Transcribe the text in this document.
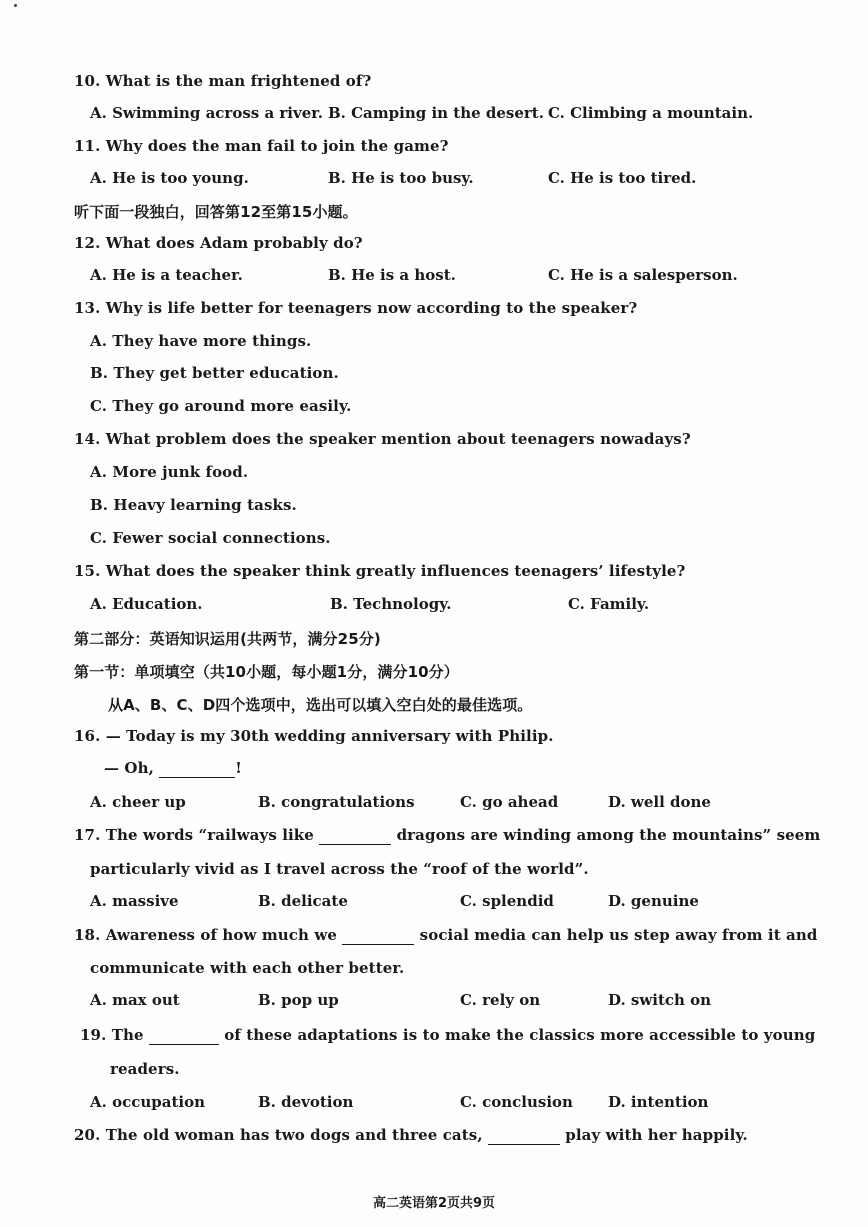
10. What is the man frightened of?
A. Swimming across a river. B. Camping in the desert. C. Climbing a mountain.
11. Why does the man fail to join the game?
A. He is too young.	B. He is too busy.	C. He is too tired.
听下面一段独白，回答第12至第15小题。
12. What does Adam probably do?
A. He is a teacher.	B. He is a host.	C. He is a salesperson.
13. Why is life better for teenagers now according to the speaker?
A. They have more things.
B. They get better education.
C. They go around more easily.
14. What problem does the speaker mention about teenagers nowadays?
A. More junk food.
B. Heavy learning tasks.
C. Fewer social connections.
15. What does the speaker think greatly influences teenagers’ lifestyle?
A. Education.	B. Technology.	C. Family.
第二部分：英语知识运用(共两节，满分25分)
第一节：单项填空（共10小题，每小题1分，满分10分）
从A、B、C、D四个选项中，选出可以填入空白处的最佳选项。
16. — Today is my 30th wedding anniversary with Philip.
— Oh,	!
A. cheer up	B. congratulations	C. go ahead	D. well done
17. The words “railways like	dragons are winding among the mountains” seem
particularly vivid as I travel across the “roof of the world”.
A. massive	B. delicate	C. splendid	D. genuine
18. Awareness of how much we	social media can help us step away from it and
communicate with each other better.
A. max out	B. pop up	C. rely on	D. switch on
19. The	of these adaptations is to make the classics more accessible to young
readers.
A. occupation	B. devotion	C. conclusion D. intention
20. The old woman has two dogs and three cats,	play with her happily.
高二英语第2页共9页
